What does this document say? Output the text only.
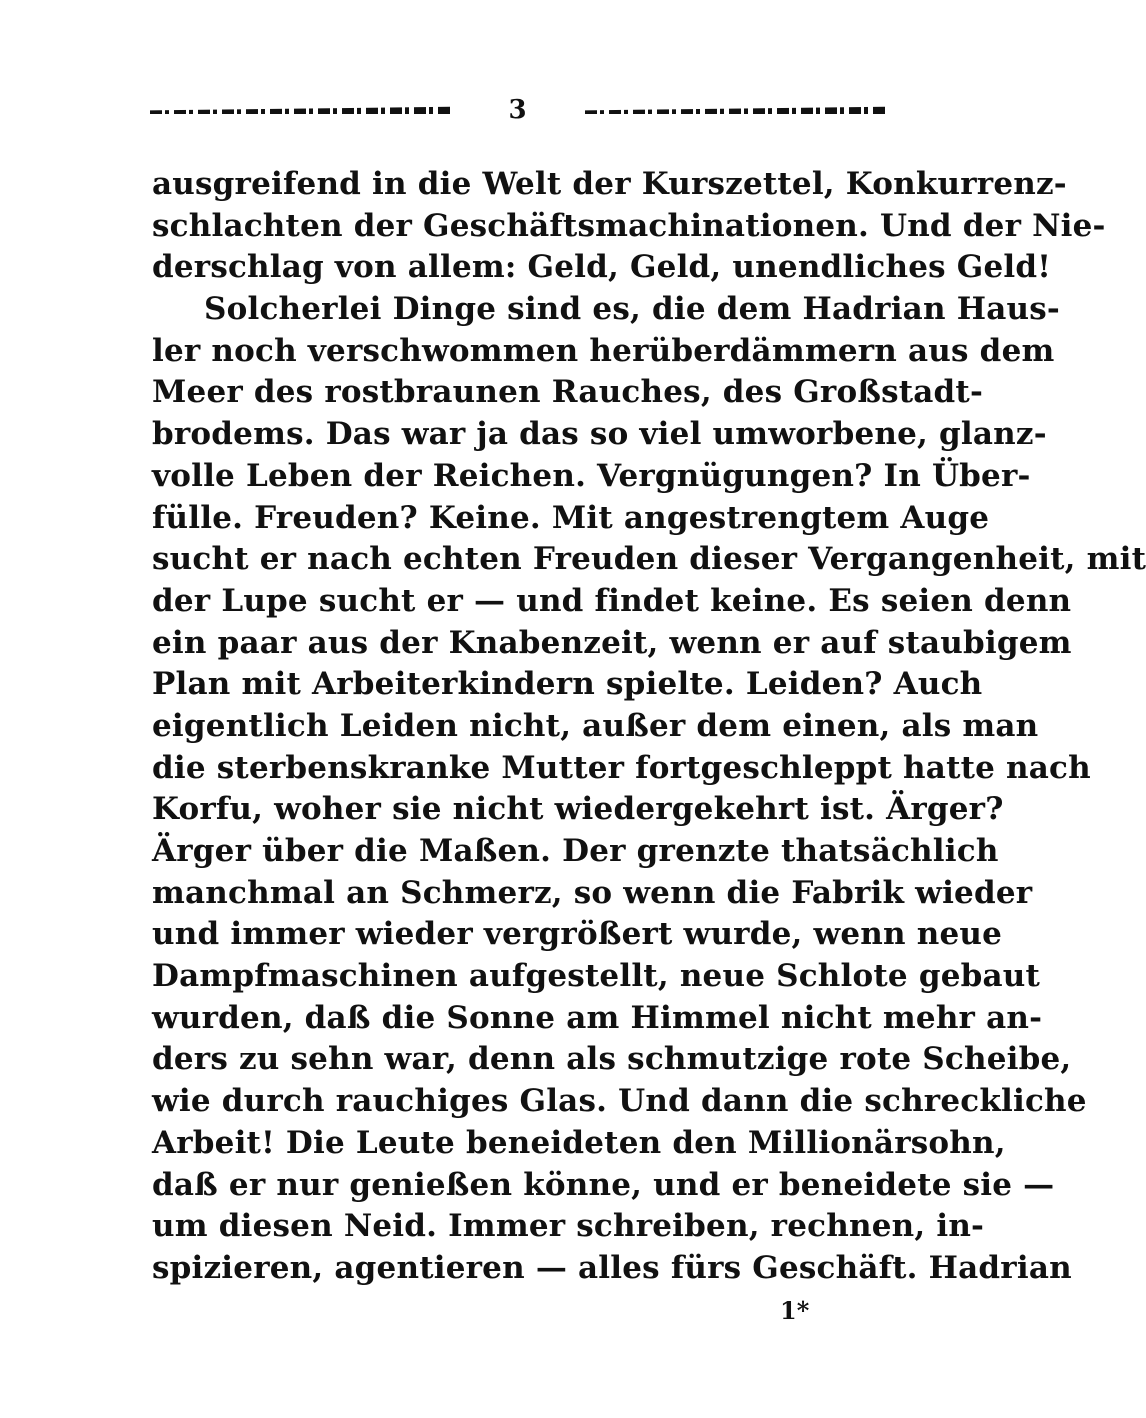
3
ausgreifend in die Welt der Kurszettel, Konkurrenz-
schlachten der Geschäftsmachinationen. Und der Nie-
derschlag von allem: Geld, Geld, unendliches Geld!
Solcherlei Dinge sind es, die dem Hadrian Haus-
ler noch verschwommen herüberdämmern aus dem
Meer des rostbraunen Rauches, des Großstadt-
brodems. Das war ja das so viel umworbene, glanz-
volle Leben der Reichen. Vergnügungen? In Über-
fülle. Freuden? Keine. Mit angestrengtem Auge
sucht er nach echten Freuden dieser Vergangenheit, mit
der Lupe sucht er — und findet keine. Es seien denn
ein paar aus der Knabenzeit, wenn er auf staubigem
Plan mit Arbeiterkindern spielte. Leiden? Auch
eigentlich Leiden nicht, außer dem einen, als man
die sterbenskranke Mutter fortgeschleppt hatte nach
Korfu, woher sie nicht wiedergekehrt ist. Ärger?
Ärger über die Maßen. Der grenzte thatsächlich
manchmal an Schmerz, so wenn die Fabrik wieder
und immer wieder vergrößert wurde, wenn neue
Dampfmaschinen aufgestellt, neue Schlote gebaut
wurden, daß die Sonne am Himmel nicht mehr an-
ders zu sehn war, denn als schmutzige rote Scheibe,
wie durch rauchiges Glas. Und dann die schreckliche
Arbeit! Die Leute beneideten den Millionärsohn,
daß er nur genießen könne, und er beneidete sie —
um diesen Neid. Immer schreiben, rechnen, in-
spizieren, agentieren — alles fürs Geschäft. Hadrian
1*
